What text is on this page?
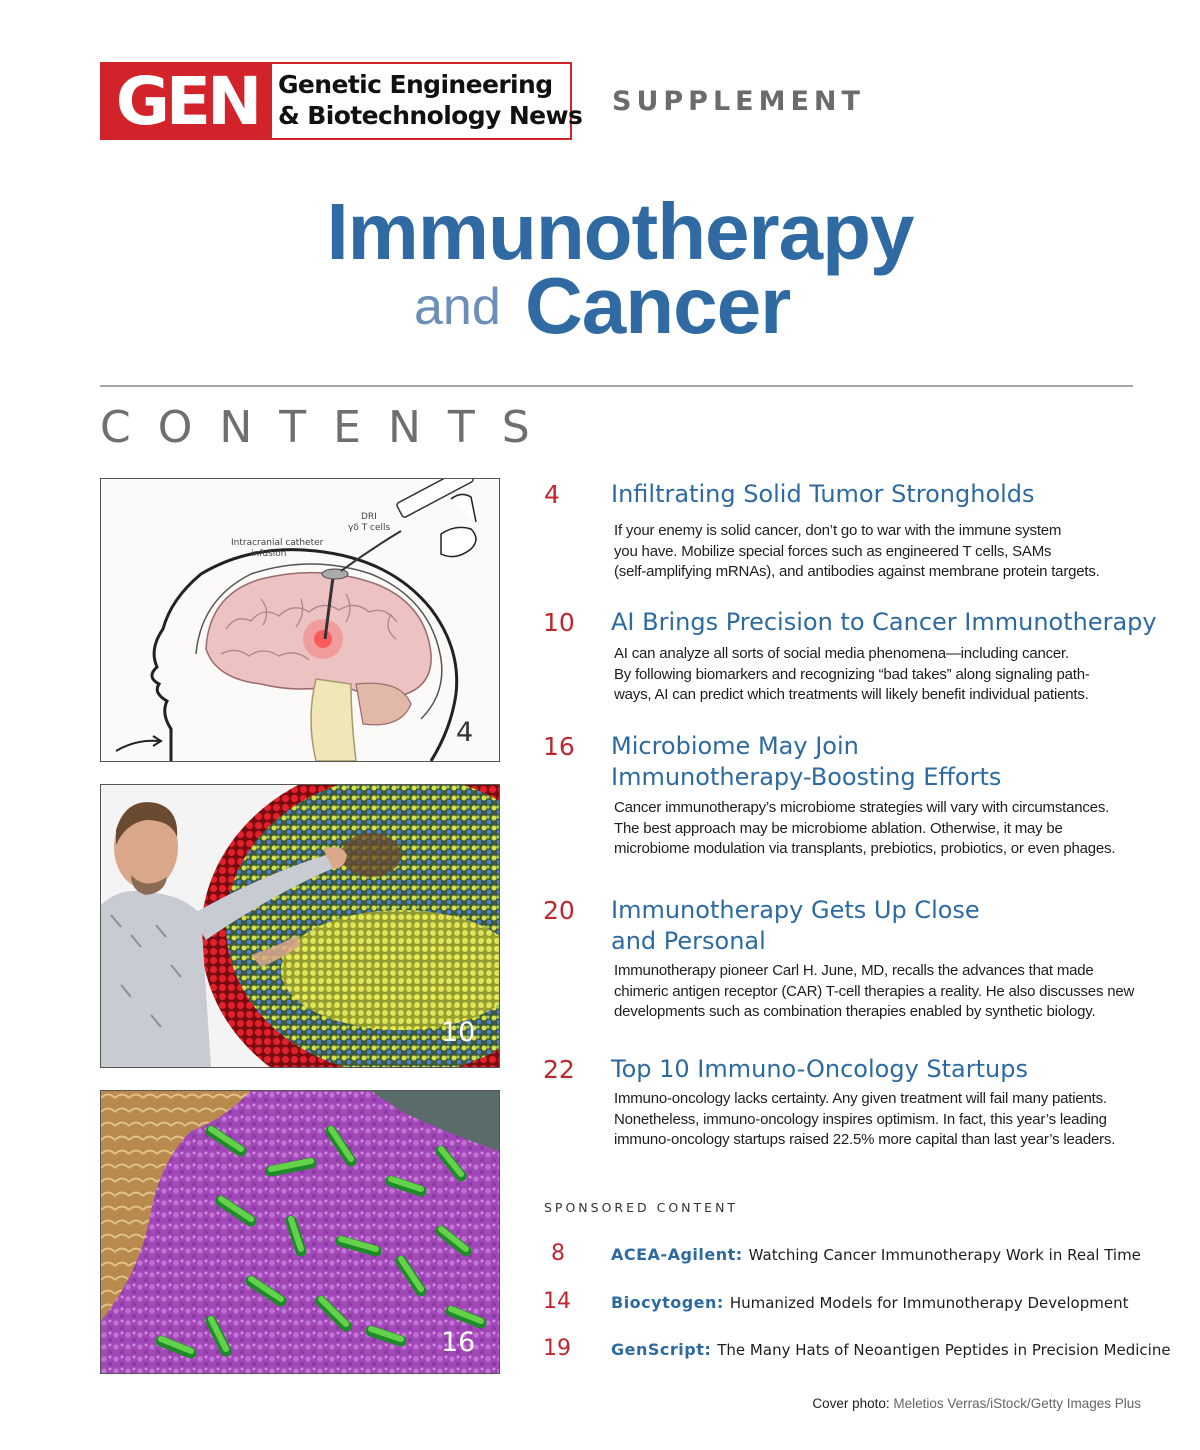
GEN Genetic Engineering
& Biotechnology News SUPPLEMENT
Immunotherapy
and Cancer
CONTENTS
Intracranial catheter
infusion
DRI
γδ T cells
4
10
16
4 Infiltrating Solid Tumor Strongholds
If your enemy is solid cancer, don’t go to war with the immune system
you have. Mobilize special forces such as engineered T cells, SAMs
(self-amplifying mRNAs), and antibodies against membrane protein targets.
10 AI Brings Precision to Cancer Immunotherapy
AI can analyze all sorts of social media phenomena—including cancer.
By following biomarkers and recognizing “bad takes” along signaling path-
ways, AI can predict which treatments will likely benefit individual patients.
16 Microbiome May Join
Immunotherapy-Boosting Efforts
Cancer immunotherapy’s microbiome strategies will vary with circumstances.
The best approach may be microbiome ablation. Otherwise, it may be
microbiome modulation via transplants, prebiotics, probiotics, or even phages.
20 Immunotherapy Gets Up Close
and Personal
Immunotherapy pioneer Carl H. June, MD, recalls the advances that made
chimeric antigen receptor (CAR) T-cell therapies a reality. He also discusses new
developments such as combination therapies enabled by synthetic biology.
22 Top 10 Immuno-Oncology Startups
Immuno-oncology lacks certainty. Any given treatment will fail many patients.
Nonetheless, immuno-oncology inspires optimism. In fact, this year’s leading
immuno-oncology startups raised 22.5% more capital than last year’s leaders.
SPONSORED CONTENT
8	ACEA-Agilent: Watching Cancer Immunotherapy Work in Real Time
14	Biocytogen: Humanized Models for Immunotherapy Development
19	GenScript: The Many Hats of Neoantigen Peptides in Precision Medicine
Cover photo: Meletios Verras/iStock/Getty Images Plus
